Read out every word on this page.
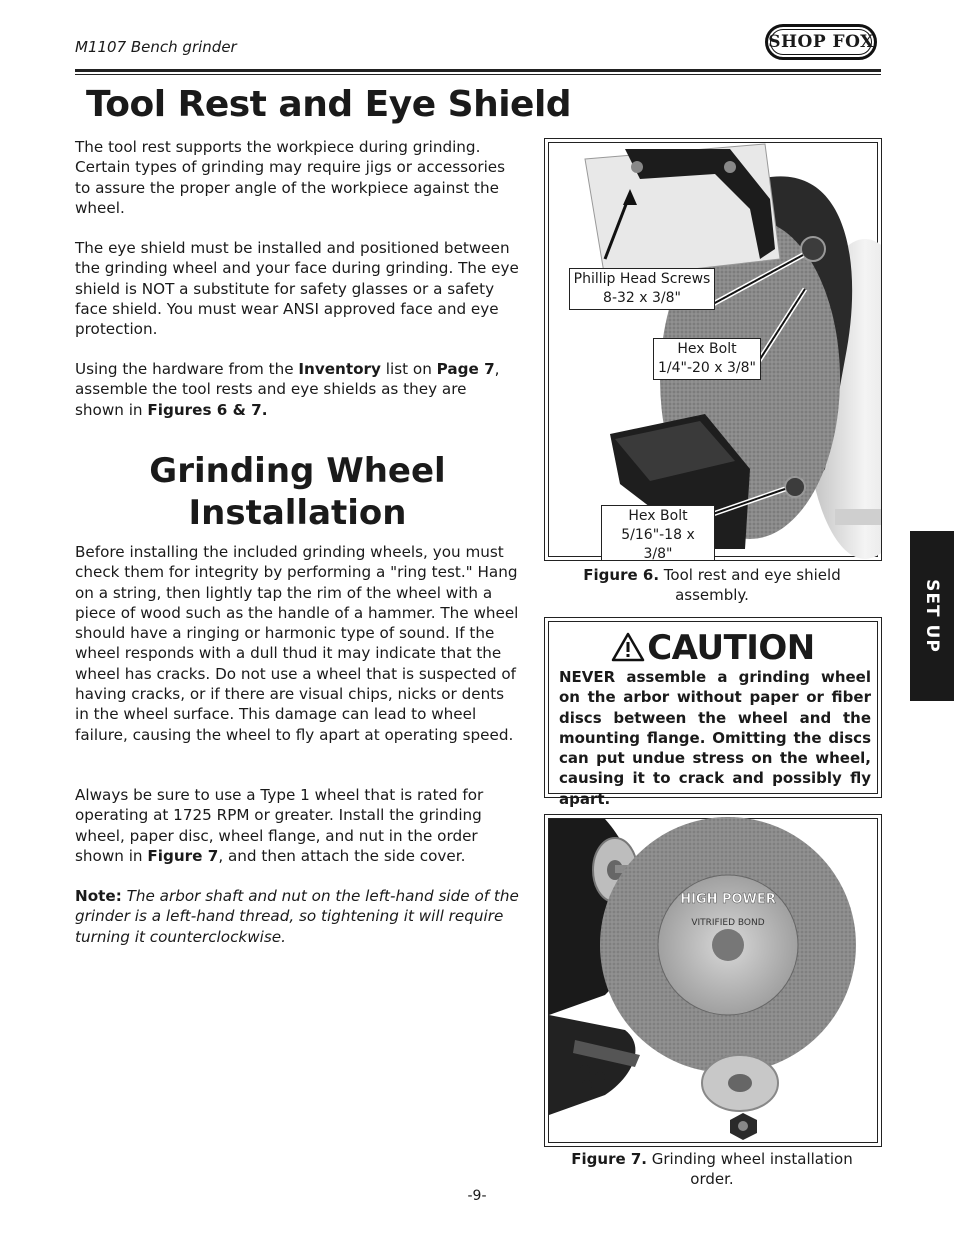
M1107 Bench grinder	SHOP FOX
Tool Rest and Eye Shield

The tool rest supports the workpiece during grinding. Certain types of grinding may require jigs or accessories to assure the proper angle of the workpiece against the wheel.

The eye shield must be installed and positioned between the grinding wheel and your face during grinding. The eye shield is NOT a substitute for safety glasses or a safety face shield. You must wear ANSI approved face and eye protection.

Using the hardware from the Inventory list on Page 7, assemble the tool rests and eye shields as they are shown in Figures 6 & 7.

Grinding Wheel
Installation

Before installing the included grinding wheels, you must check them for integrity by performing a "ring test." Hang on a string, then lightly tap the rim of the wheel with a piece of wood such as the handle of a hammer. The wheel should have a ringing or harmonic type of sound. If the wheel responds with a dull thud it may indicate that the wheel has cracks. Do not use a wheel that is suspected of having cracks, or if there are visual chips, nicks or dents in the wheel surface. This damage can lead to wheel failure, causing the wheel to fly apart at operating speed.

Always be sure to use a Type 1 wheel that is rated for operating at 1725 RPM or greater. Install the grinding wheel, paper disc, wheel flange, and nut in the order shown in Figure 7, and then attach the side cover.

Note: The arbor shaft and nut on the left-hand side of the grinder is a left-hand thread, so tightening it will require turning it counterclockwise.

Phillip Head Screws
8-32 x 3/8"
Hex Bolt
1/4"-20 x 3/8"
Hex Bolt
5/16"-18 x 3/8"
Figure 6. Tool rest and eye shield assembly.
CAUTION
NEVER assemble a grinding wheel on the arbor without paper or fiber discs between the wheel and the mounting flange. Omitting the discs can put undue stress on the wheel, causing it to crack and possibly fly apart.
HIGH POWER
VITRIFIED BOND
Figure 7. Grinding wheel installation order.
SET UP
-9-
